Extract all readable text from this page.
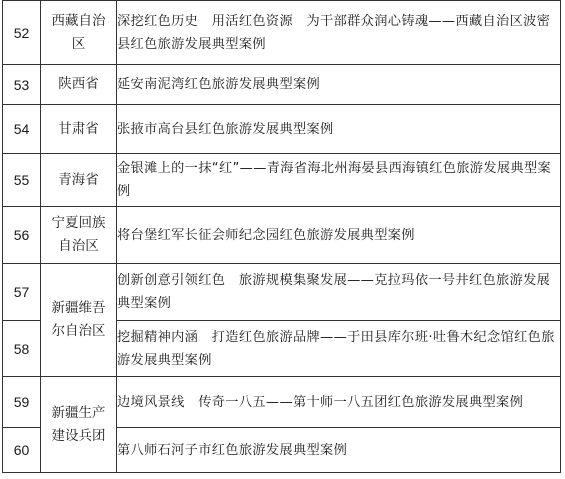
52	西藏自治区	深挖红色历史　用活红色资源　为干部群众润心铸魂——西藏自治区波密县红色旅游发展典型案例
53	陕西省	延安南泥湾红色旅游发展典型案例
54	甘肃省	张掖市高台县红色旅游发展典型案例
55	青海省	金银滩上的一抹“红”——青海省海北州海晏县西海镇红色旅游发展典型案例
56	宁夏回族自治区	将台堡红军长征会师纪念园红色旅游发展典型案例
57	新疆维吾尔自治区	创新创意引领红色　旅游规模集聚发展——克拉玛依一号井红色旅游发展典型案例
58		挖掘精神内涵　打造红色旅游品牌——于田县库尔班·吐鲁木纪念馆红色旅游发展典型案例
59	新疆生产建设兵团	边境风景线　传奇一八五——第十师一八五团红色旅游发展典型案例
60		第八师石河子市红色旅游发展典型案例
